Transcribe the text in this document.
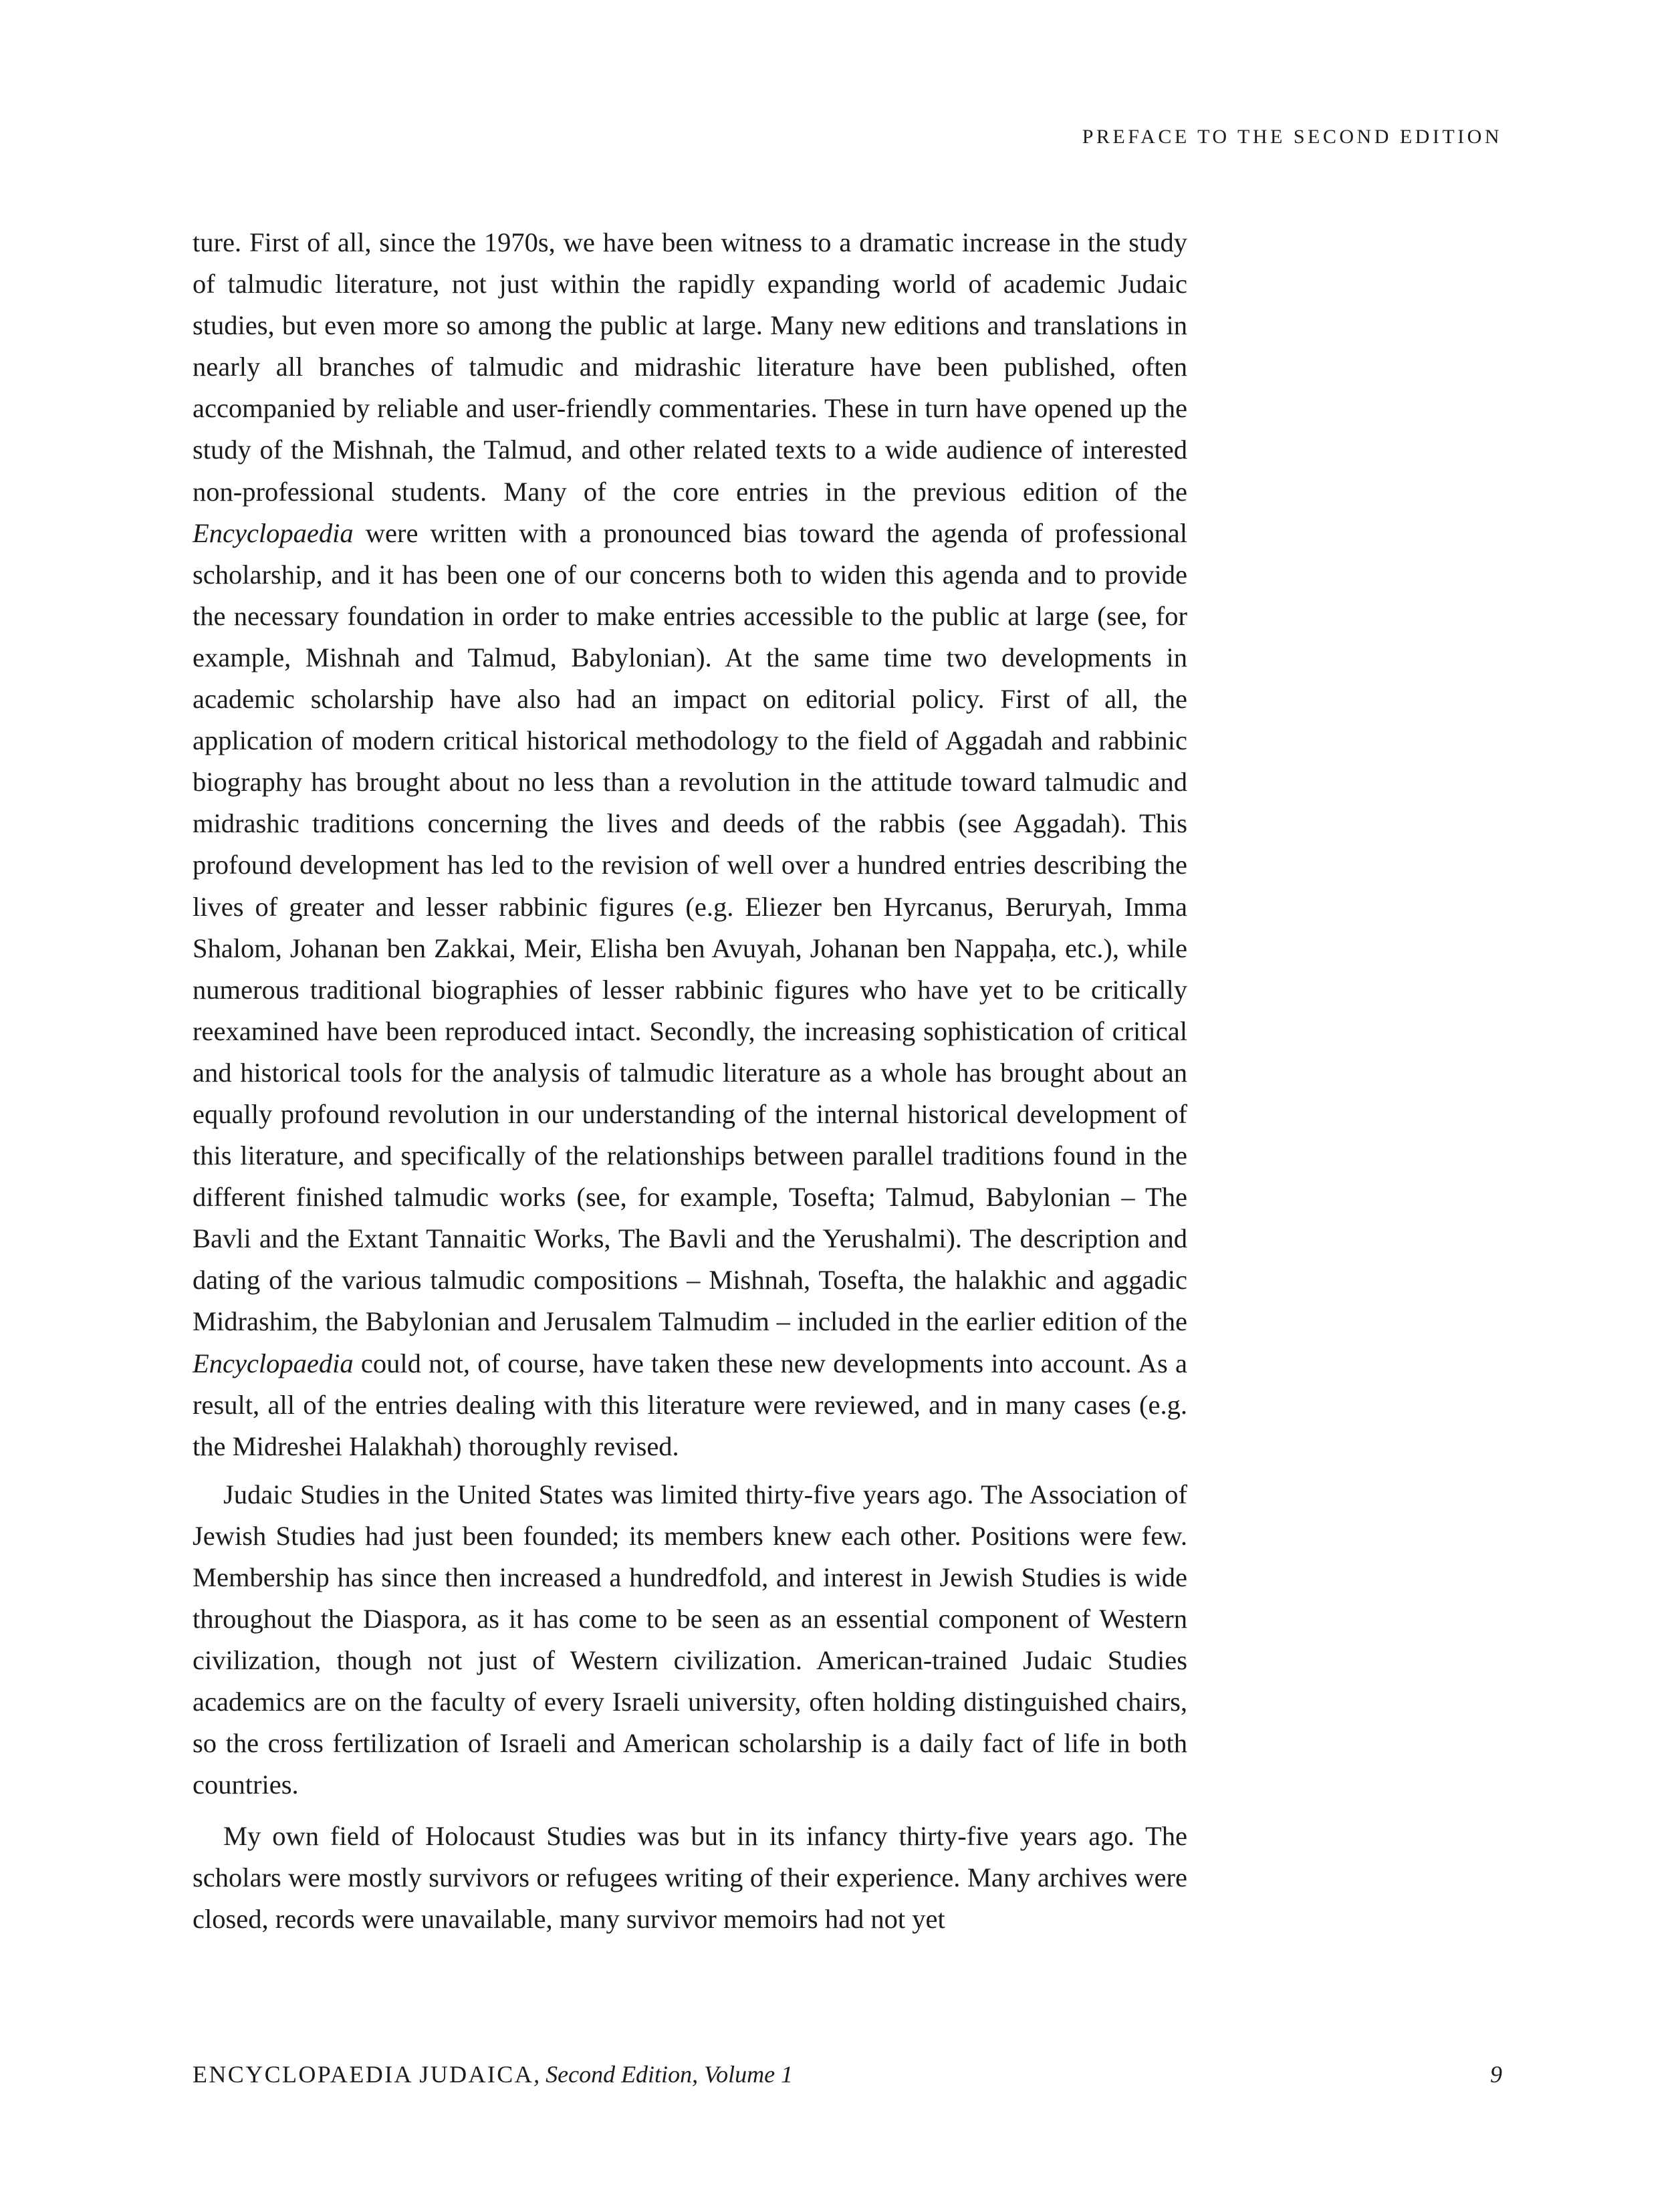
PREFACE TO THE SECOND EDITION

ture. First of all, since the 1970s, we have been witness to a dramatic increase in the study of talmudic literature, not just within the rapidly expanding world of academic Judaic studies, but even more so among the public at large. Many new editions and translations in nearly all branches of talmudic and midrashic literature have been published, often accompanied by reliable and user-friendly commentaries. These in turn have opened up the study of the Mishnah, the Talmud, and other related texts to a wide audience of interested non-professional students. Many of the core entries in the previous edition of the Encyclopaedia were written with a pronounced bias toward the agenda of professional scholarship, and it has been one of our concerns both to widen this agenda and to provide the necessary foundation in order to make entries accessible to the public at large (see, for example, Mishnah and Talmud, Babylonian). At the same time two developments in academic scholarship have also had an impact on editorial policy. First of all, the application of modern critical historical methodology to the field of Aggadah and rabbinic biography has brought about no less than a revolution in the attitude toward talmudic and midrashic traditions concerning the lives and deeds of the rabbis (see Aggadah). This profound development has led to the revision of well over a hundred entries describing the lives of greater and lesser rabbinic figures (e.g. Eliezer ben Hyrcanus, Beruryah, Imma Shalom, Johanan ben Zakkai, Meir, Elisha ben Avuyah, Johanan ben Nappaḥa, etc.), while numerous traditional biographies of lesser rabbinic figures who have yet to be critically reexamined have been reproduced intact. Secondly, the increasing sophistication of critical and historical tools for the analysis of talmudic literature as a whole has brought about an equally profound revolution in our understanding of the internal historical development of this literature, and specifically of the relationships between parallel traditions found in the different finished talmudic works (see, for example, Tosefta; Talmud, Babylonian – The Bavli and the Extant Tannaitic Works, The Bavli and the Yerushalmi). The description and dating of the various talmudic compositions – Mishnah, Tosefta, the halakhic and aggadic Midrashim, the Babylonian and Jerusalem Talmudim – included in the earlier edition of the Encyclopaedia could not, of course, have taken these new developments into account. As a result, all of the entries dealing with this literature were reviewed, and in many cases (e.g. the Midreshei Halakhah) thoroughly revised.

Judaic Studies in the United States was limited thirty-five years ago. The Association of Jewish Studies had just been founded; its members knew each other. Positions were few. Membership has since then increased a hundredfold, and interest in Jewish Studies is wide throughout the Diaspora, as it has come to be seen as an essential component of Western civilization, though not just of Western civilization. American-trained Judaic Studies academics are on the faculty of every Israeli university, often holding distinguished chairs, so the cross fertilization of Israeli and American scholarship is a daily fact of life in both countries.

My own field of Holocaust Studies was but in its infancy thirty-five years ago. The scholars were mostly survivors or refugees writing of their experience. Many archives were closed, records were unavailable, many survivor memoirs had not yet

ENCYCLOPAEDIA JUDAICA, Second Edition, Volume 1	9
